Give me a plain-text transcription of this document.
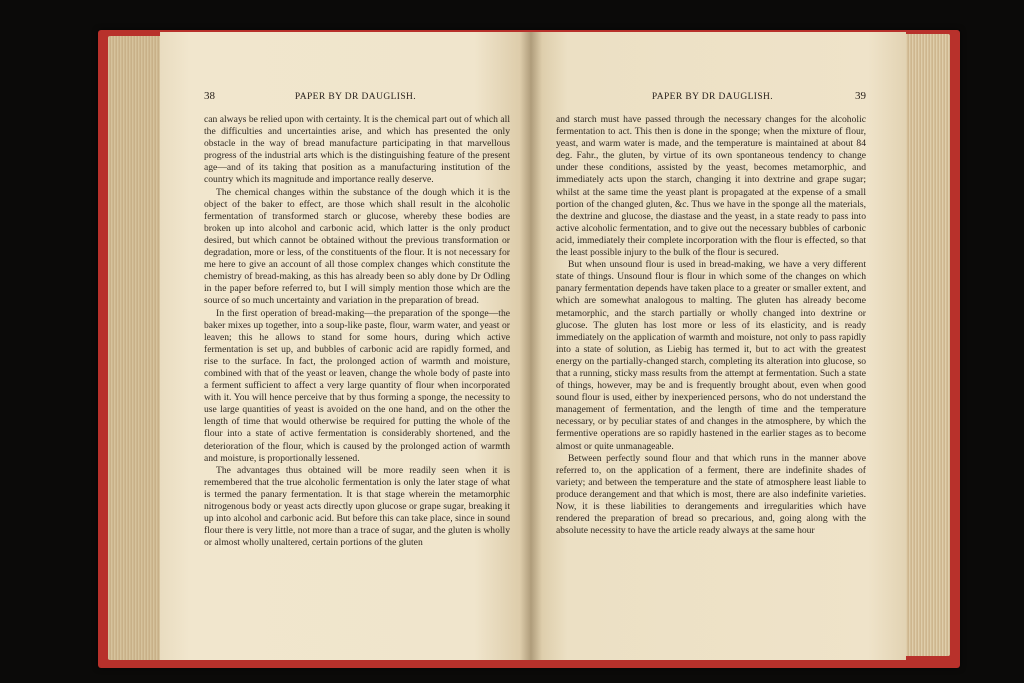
38	PAPER BY DR DAUGLISH.

can always be relied upon with certainty. It is the chemical part out of which all the difficulties and uncertainties arise, and which has presented the only obstacle in the way of bread manufacture participating in that marvellous progress of the industrial arts which is the distinguishing feature of the present age—and of its taking that position as a manufacturing institution of the country which its magnitude and importance really deserve.

The chemical changes within the substance of the dough which it is the object of the baker to effect, are those which shall result in the alcoholic fermentation of transformed starch or glucose, whereby these bodies are broken up into alcohol and carbonic acid, which latter is the only product desired, but which cannot be obtained without the previous transformation or degradation, more or less, of the constituents of the flour. It is not necessary for me here to give an account of all those complex changes which constitute the chemistry of bread-making, as this has already been so ably done by Dr Odling in the paper before referred to, but I will simply mention those which are the source of so much uncertainty and variation in the preparation of bread.

In the first operation of bread-making—the preparation of the sponge—the baker mixes up together, into a soup-like paste, flour, warm water, and yeast or leaven; this he allows to stand for some hours, during which active fermentation is set up, and bubbles of carbonic acid are rapidly formed, and rise to the surface. In fact, the prolonged action of warmth and moisture, combined with that of the yeast or leaven, change the whole body of paste into a ferment sufficient to affect a very large quantity of flour when incorporated with it. You will hence perceive that by thus forming a sponge, the necessity to use large quantities of yeast is avoided on the one hand, and on the other the length of time that would otherwise be required for putting the whole of the flour into a state of active fermentation is considerably shortened, and the deterioration of the flour, which is caused by the prolonged action of warmth and moisture, is proportionally lessened.

The advantages thus obtained will be more readily seen when it is remembered that the true alcoholic fermentation is only the later stage of what is termed the panary fermentation. It is that stage wherein the metamorphic nitrogenous body or yeast acts directly upon glucose or grape sugar, breaking it up into alcohol and carbonic acid. But before this can take place, since in sound flour there is very little, not more than a trace of sugar, and the gluten is wholly or almost wholly unaltered, certain portions of the gluten

PAPER BY DR DAUGLISH.	39

and starch must have passed through the necessary changes for the alcoholic fermentation to act. This then is done in the sponge; when the mixture of flour, yeast, and warm water is made, and the temperature is maintained at about 84 deg. Fahr., the gluten, by virtue of its own spontaneous tendency to change under these conditions, assisted by the yeast, becomes metamorphic, and immediately acts upon the starch, changing it into dextrine and grape sugar; whilst at the same time the yeast plant is propagated at the expense of a small portion of the changed gluten, &c. Thus we have in the sponge all the materials, the dextrine and glucose, the diastase and the yeast, in a state ready to pass into active alcoholic fermentation, and to give out the necessary bubbles of carbonic acid, immediately their complete incorporation with the flour is effected, so that the least possible injury to the bulk of the flour is secured.

But when unsound flour is used in bread-making, we have a very different state of things. Unsound flour is flour in which some of the changes on which panary fermentation depends have taken place to a greater or smaller extent, and which are somewhat analogous to malting. The gluten has already become metamorphic, and the starch partially or wholly changed into dextrine or glucose. The gluten has lost more or less of its elasticity, and is ready immediately on the application of warmth and moisture, not only to pass rapidly into a state of solution, as Liebig has termed it, but to act with the greatest energy on the partially-changed starch, completing its alteration into glucose, so that a running, sticky mass results from the attempt at fermentation. Such a state of things, however, may be and is frequently brought about, even when good sound flour is used, either by inexperienced persons, who do not understand the management of fermentation, and the length of time and the temperature necessary, or by peculiar states of and changes in the atmosphere, by which the fermentive operations are so rapidly hastened in the earlier stages as to become almost or quite unmanageable.

Between perfectly sound flour and that which runs in the manner above referred to, on the application of a ferment, there are indefinite shades of variety; and between the temperature and the state of atmosphere least liable to produce derangement and that which is most, there are also indefinite varieties. Now, it is these liabilities to derangements and irregularities which have rendered the preparation of bread so precarious, and, going along with the absolute necessity to have the article ready always at the same hour
